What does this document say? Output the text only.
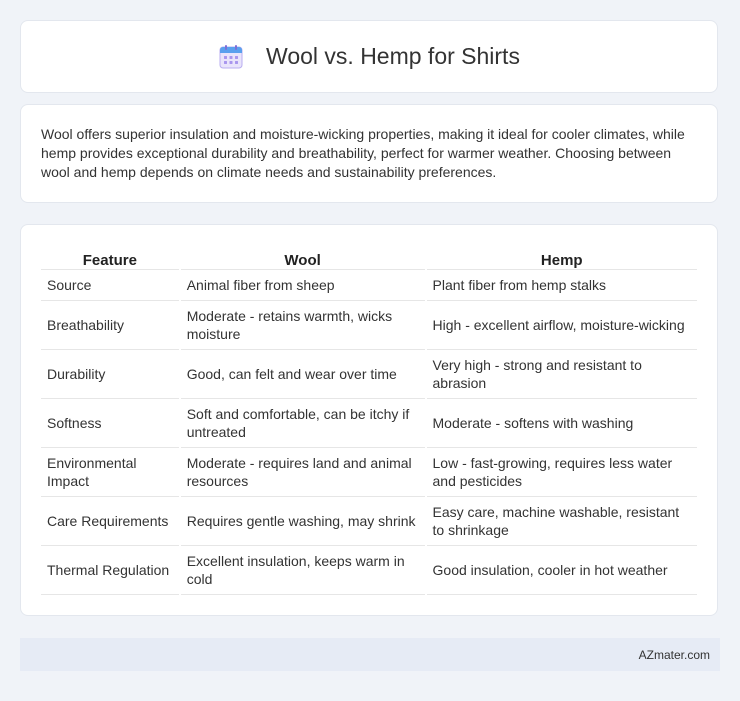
Wool vs. Hemp for Shirts

Wool offers superior insulation and moisture-wicking properties, making it ideal for cooler climates, while hemp provides exceptional durability and breathability, perfect for warmer weather. Choosing between wool and hemp depends on climate needs and sustainability preferences.

Feature	Wool	Hemp
Source	Animal fiber from sheep	Plant fiber from hemp stalks
Breathability	Moderate - retains warmth, wicks moisture	High - excellent airflow, moisture-wicking
Durability	Good, can felt and wear over time	Very high - strong and resistant to abrasion
Softness	Soft and comfortable, can be itchy if untreated	Moderate - softens with washing
Environmental Impact	Moderate - requires land and animal resources	Low - fast-growing, requires less water and pesticides
Care Requirements	Requires gentle washing, may shrink	Easy care, machine washable, resistant to shrinkage
Thermal Regulation	Excellent insulation, keeps warm in cold	Good insulation, cooler in hot weather
AZmater.com
